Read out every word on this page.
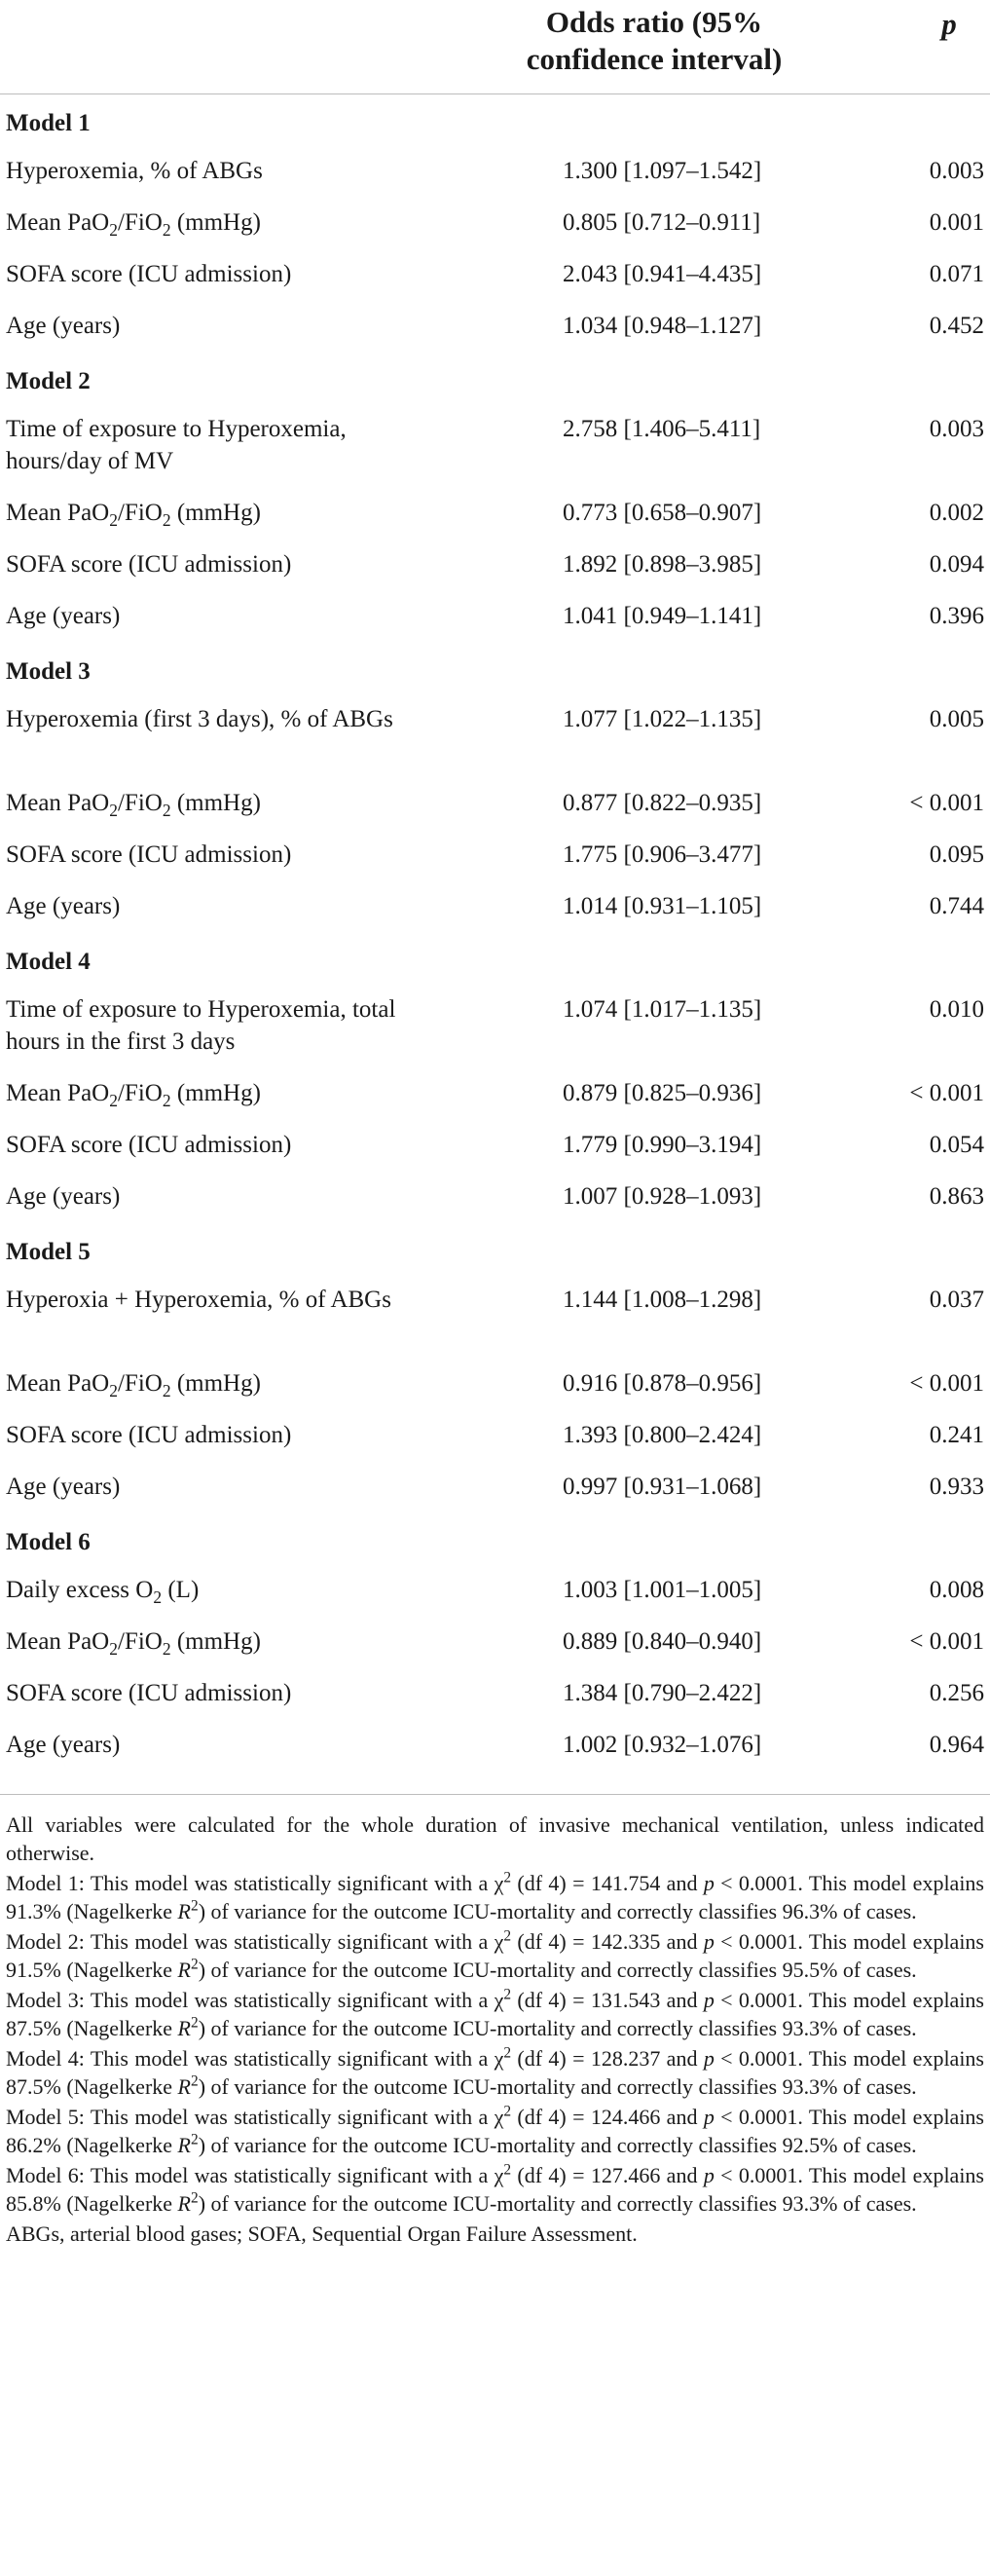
Odds ratio (95%
confidence interval)
p
Model 1
Hyperoxemia, % of ABGs	1.300 [1.097–1.542]	0.003
Mean PaO$_2$/FiO$_2$ (mmHg)	0.805 [0.712–0.911]	0.001
SOFA score (ICU admission)	2.043 [0.941–4.435]	0.071
Age (years)	1.034 [0.948–1.127]	0.452
Model 2
Time of exposure to Hyperoxemia, hours/day of MV
2.758 [1.406–5.411]	0.003
Mean PaO$_2$/FiO$_2$ (mmHg)	0.773 [0.658–0.907]	0.002
SOFA score (ICU admission)	1.892 [0.898–3.985]	0.094
Age (years)	1.041 [0.949–1.141]	0.396
Model 3
Hyperoxemia (first 3 days), % of ABGs	1.077 [1.022–1.135]	0.005
Mean PaO$_2$/FiO$_2$ (mmHg)	0.877 [0.822–0.935]	< 0.001
SOFA score (ICU admission)	1.775 [0.906–3.477]	0.095
Age (years)	1.014 [0.931–1.105]	0.744
Model 4
Time of exposure to Hyperoxemia, total hours in the first 3 days
1.074 [1.017–1.135]	0.010
Mean PaO$_2$/FiO$_2$ (mmHg)	0.879 [0.825–0.936]	< 0.001
SOFA score (ICU admission)	1.779 [0.990–3.194]	0.054
Age (years)	1.007 [0.928–1.093]	0.863
Model 5
Hyperoxia + Hyperoxemia, % of ABGs	1.144 [1.008–1.298]	0.037
Mean PaO$_2$/FiO$_2$ (mmHg)	0.916 [0.878–0.956]	< 0.001
SOFA score (ICU admission)	1.393 [0.800–2.424]	0.241
Age (years)	0.997 [0.931–1.068]	0.933
Model 6
Daily excess $O_2$ (L)	1.003 [1.001–1.005]	0.008
Mean PaO$_2$/FiO$_2$ (mmHg)	0.889 [0.840–0.940]	< 0.001
SOFA score (ICU admission)	1.384 [0.790–2.422]	0.256
Age (years)	1.002 [0.932–1.076]	0.964
All variables were calculated for the whole duration of invasive mechanical ventilation, unless indicated otherwise.
Model 1: This model was statistically significant with a $\chi^2$ (df 4) = 141.754 and p < 0.0001. This model explains 91.3% (Nagelkerke $R^2$) of variance for the outcome ICU-mortality and correctly classifies 96.3% of cases.
Model 2: This model was statistically significant with a $\chi^2$ (df 4) = 142.335 and p < 0.0001. This model explains 91.5% (Nagelkerke $R^2$) of variance for the outcome ICU-mortality and correctly classifies 95.5% of cases.
Model 3: This model was statistically significant with a $\chi^2$ (df 4) = 131.543 and p < 0.0001. This model explains 87.5% (Nagelkerke $R^2$) of variance for the outcome ICU-mortality and correctly classifies 93.3% of cases.
Model 4: This model was statistically significant with a $\chi^2$ (df 4) = 128.237 and p < 0.0001. This model explains 87.5% (Nagelkerke $R^2$) of variance for the outcome ICU-mortality and correctly classifies 93.3% of cases.
Model 5: This model was statistically significant with a $\chi^2$ (df 4) = 124.466 and p < 0.0001. This model explains 86.2% (Nagelkerke $R^2$) of variance for the outcome ICU-mortality and correctly classifies 92.5% of cases.
Model 6: This model was statistically significant with a $\chi^2$ (df 4) = 127.466 and p < 0.0001. This model explains 85.8% (Nagelkerke $R^2$) of variance for the outcome ICU-mortality and correctly classifies 93.3% of cases.
ABGs, arterial blood gases; SOFA, Sequential Organ Failure Assessment.
